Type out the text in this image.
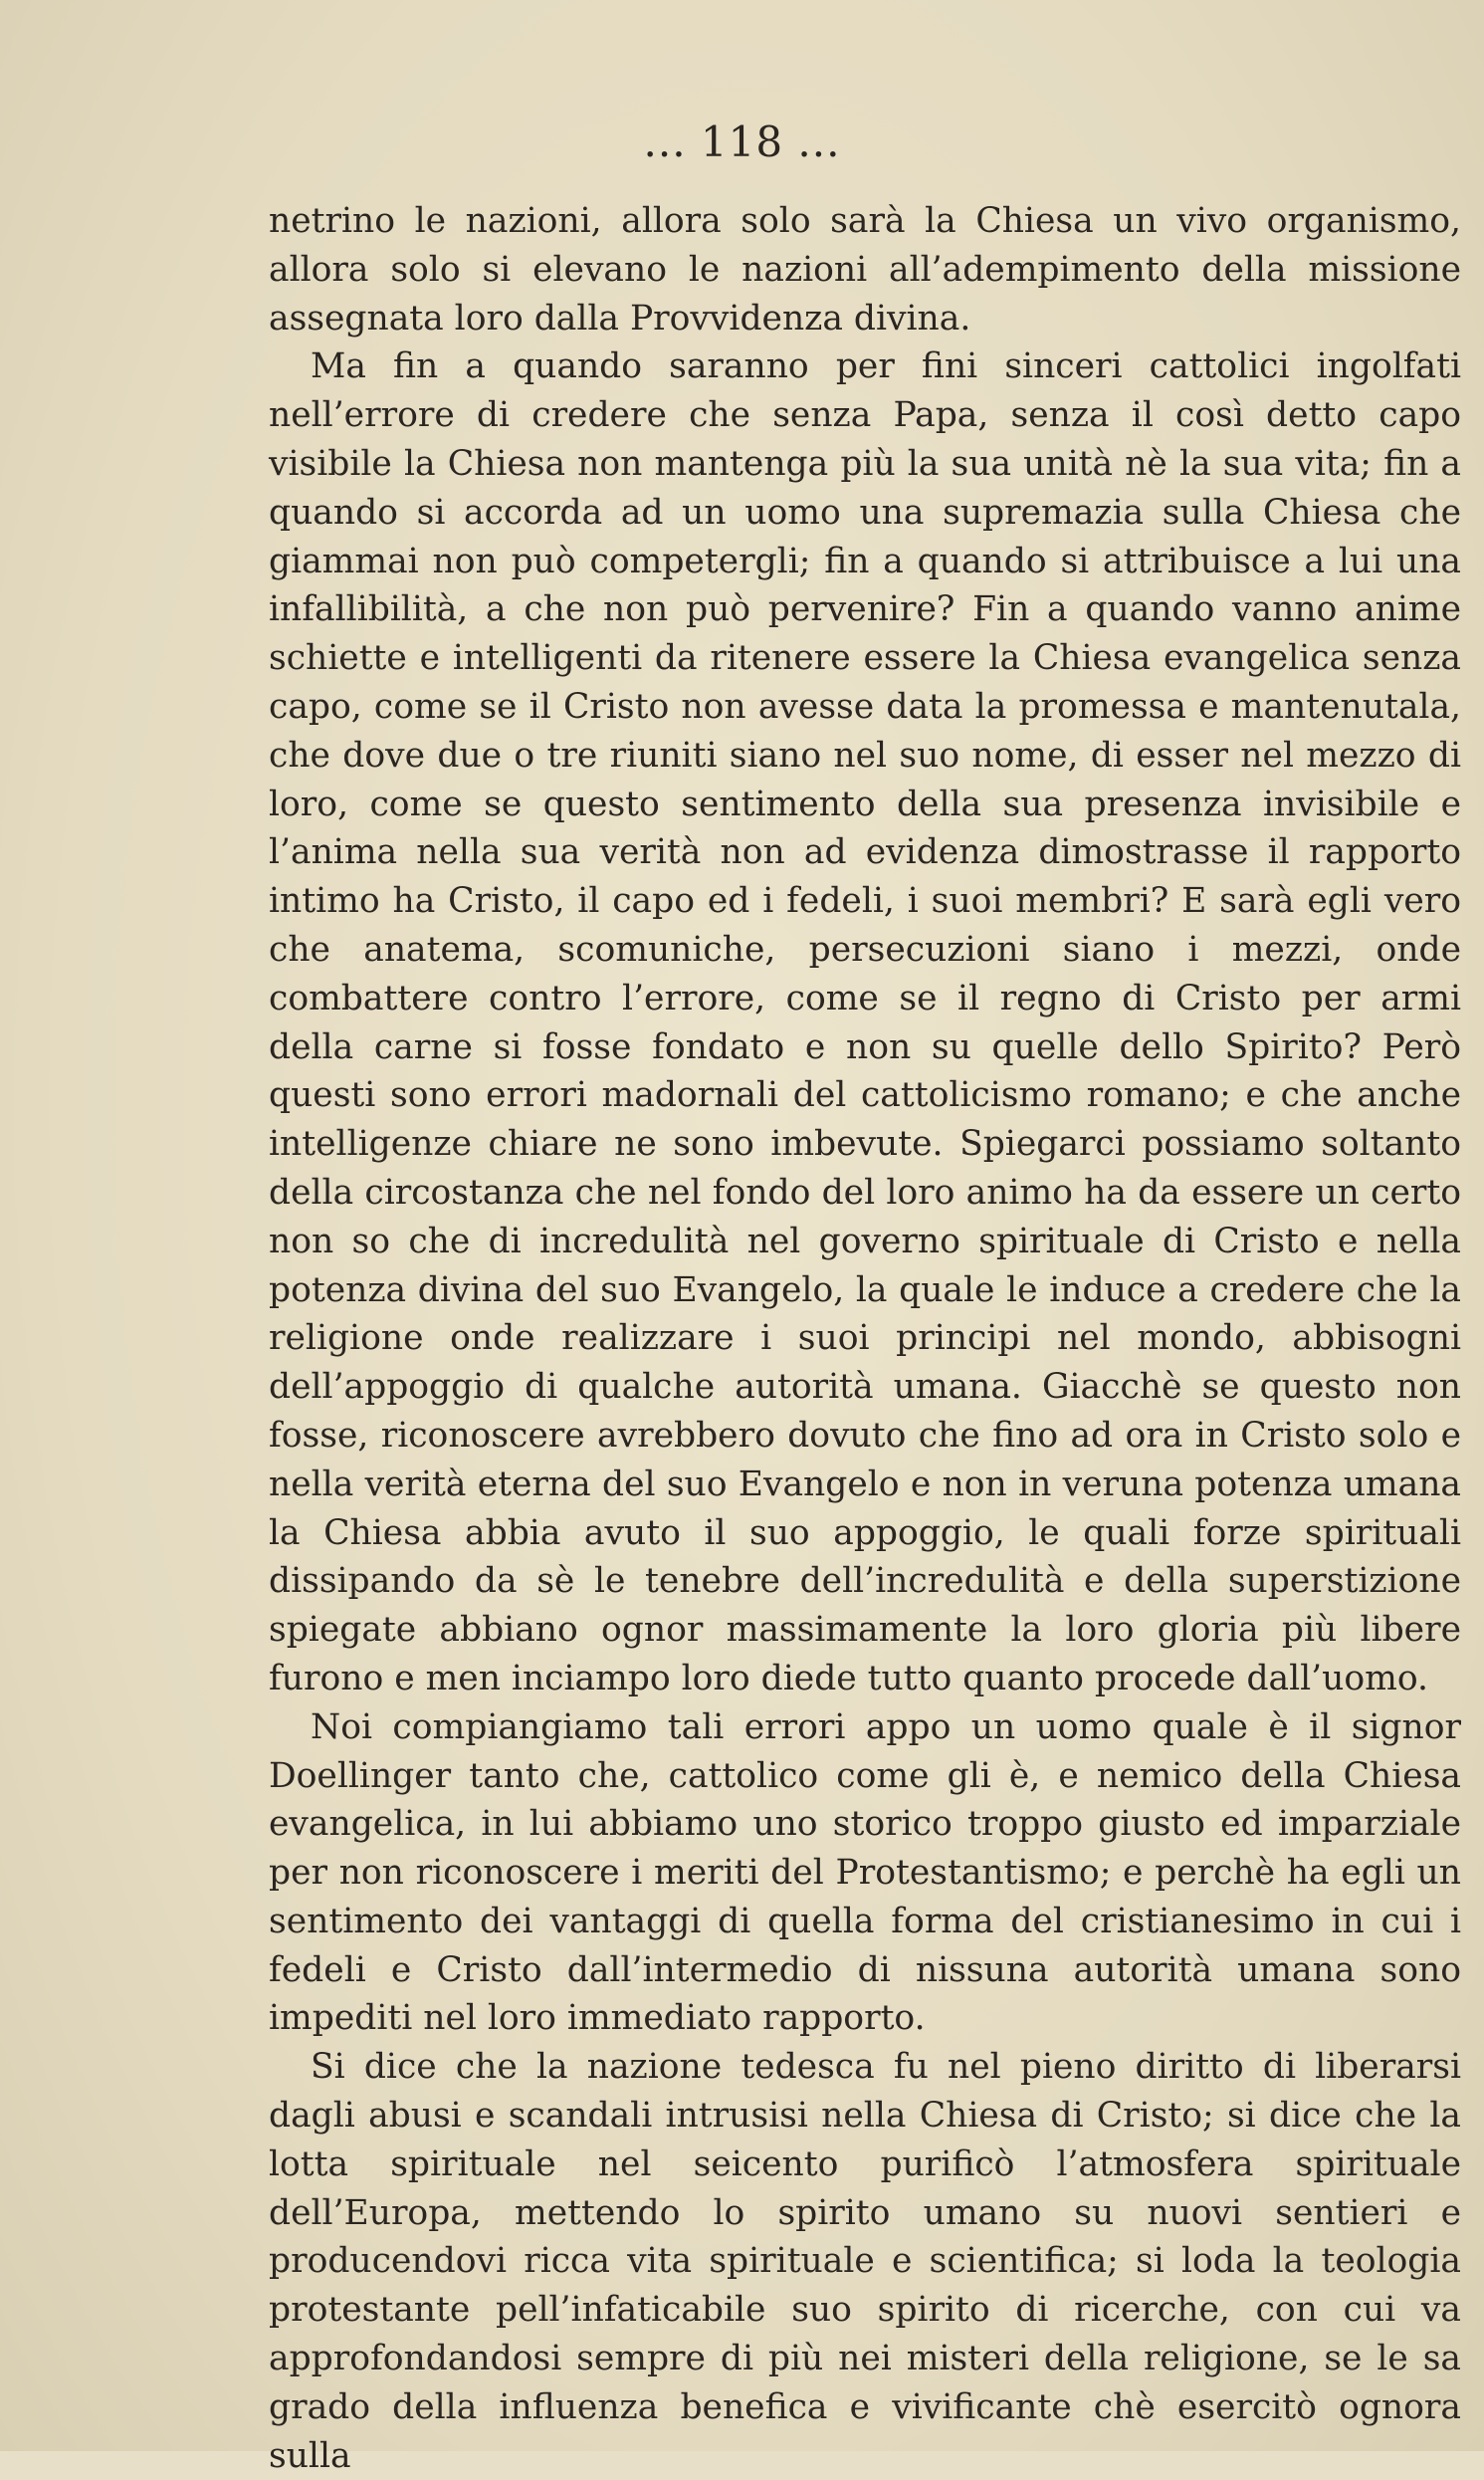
... 118 ...

netrino le nazioni, allora solo sarà la Chiesa un vivo organismo, allora solo si elevano le nazioni all’adempimento della missione assegnata loro dalla Provvidenza divina.

Ma fin a quando saranno per fini sinceri cattolici ingolfati nell’errore di credere che senza Papa, senza il così detto capo visibile la Chiesa non mantenga più la sua unità nè la sua vita; fin a quando si accorda ad un uomo una supremazia sulla Chiesa che giammai non può competergli; fin a quando si attribuisce a lui una infallibilità, a che non può pervenire? Fin a quando vanno anime schiette e intelligenti da ritenere essere la Chiesa evangelica senza capo, come se il Cristo non avesse data la promessa e mantenutala, che dove due o tre riuniti siano nel suo nome, di esser nel mezzo di loro, come se questo sentimento della sua presenza invisibile e l’anima nella sua verità non ad evidenza dimostrasse il rapporto intimo ha Cristo, il capo ed i fedeli, i suoi membri? E sarà egli vero che anatema, scomuniche, persecuzioni siano i mezzi, onde combattere contro l’errore, come se il regno di Cristo per armi della carne si fosse fondato e non su quelle dello Spirito? Però questi sono errori madornali del cattolicismo romano; e che anche intelligenze chiare ne sono imbevute. Spiegarci possiamo soltanto della circostanza che nel fondo del loro animo ha da essere un certo non so che di incredulità nel governo spirituale di Cristo e nella potenza divina del suo Evangelo, la quale le induce a credere che la religione onde realizzare i suoi principi nel mondo, abbisogni dell’appoggio di qualche autorità umana. Giacchè se questo non fosse, riconoscere avrebbero dovuto che fino ad ora in Cristo solo e nella verità eterna del suo Evangelo e non in veruna potenza umana la Chiesa abbia avuto il suo appoggio, le quali forze spirituali dissipando da sè le tenebre dell’incredulità e della superstizione spiegate abbiano ognor massimamente la loro gloria più libere furono e men inciampo loro diede tutto quanto procede dall’uomo.

Noi compiangiamo tali errori appo un uomo quale è il signor Doellinger tanto che, cattolico come gli è, e nemico della Chiesa evangelica, in lui abbiamo uno storico troppo giusto ed imparziale per non riconoscere i meriti del Protestantismo; e perchè ha egli un sentimento dei vantaggi di quella forma del cristianesimo in cui i fedeli e Cristo dall’intermedio di nissuna autorità umana sono impediti nel loro immediato rapporto.

Si dice che la nazione tedesca fu nel pieno diritto di liberarsi dagli abusi e scandali intrusisi nella Chiesa di Cristo; si dice che la lotta spirituale nel seicento purificò l’atmosfera spirituale dell’Europa, mettendo lo spirito umano su nuovi sentieri e producendovi ricca vita spirituale e scientifica; si loda la teologia protestante pell’infaticabile suo spirito di ricerche, con cui va approfondandosi sempre di più nei misteri della religione, se le sa grado della influenza benefica e vivificante chè esercitò ognora sulla
